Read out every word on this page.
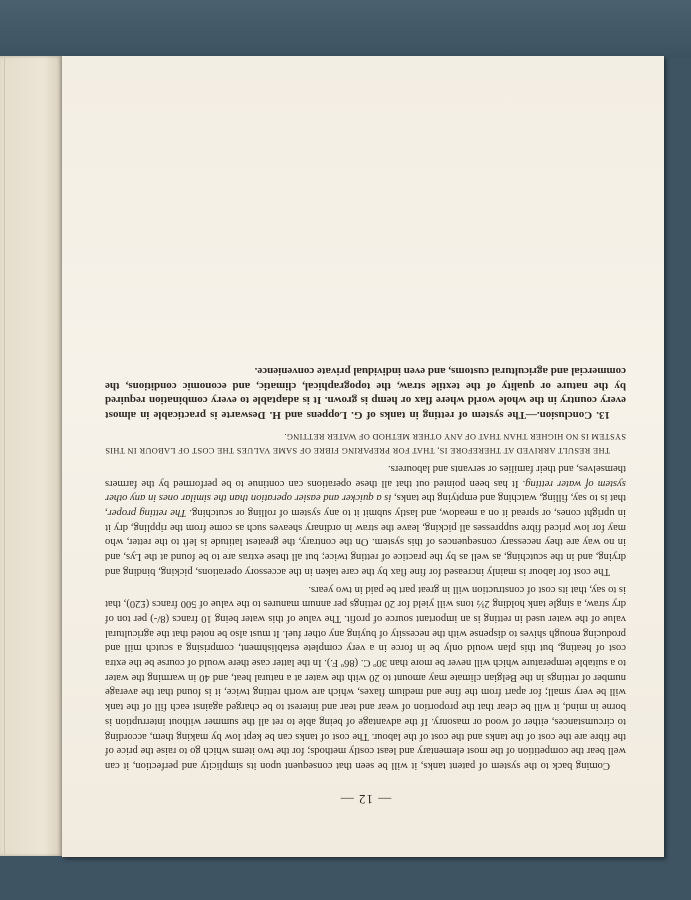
— 12 —

Coming back to the system of patent tanks, it will be seen that consequent upon its simplicity and perfection, it can well bear the competition of the most elementary and least costly methods; for the two items which go to raise the price of the fibre are the cost of the tanks and the cost of the labour. The cost of tanks can be kept low by making them, according to circumstances, either of wood or masonry. If the advantage of being able to ret all the summer without interruption is borne in mind, it will be clear that the proportion of wear and tear and interest to be charged against each fill of the tank will be very small; for apart from the fine and medium flaxes, which are worth retting twice, it is found that the average number of rettings in the Belgian climate may amount to 20 with the water at a natural heat, and 40 in warming the water to a suitable temperature which will never be more than 30º C. (86º F.). In the latter case there would of course be the extra cost of heating, but this plan would only be in force in a very complete establishment, comprising a scutch mill and producing enough shives to dispense with the necessity of buying any other fuel. It must also be noted that the agricultural value of the water used in retting is an important source of profit. The value of this water being 10 francs (8/-) per ton of dry straw, a single tank holding 2½ tons will yield for 20 rettings per annum manures to the value of 500 francs (£20), that is to say, that its cost of construction will in great part be paid in two years.

The cost for labour is mainly increased for fine flax by the care taken in the accessory operations, picking, binding and drying, and in the scutching, as well as by the practice of retting twice; but all these extras are to be found at the Lys, and in no way are they necessary consequences of this system. On the contrary, the greatest latitude is left to the retter, who may for low priced fibre suppresses all picking, leave the straw in ordinary sheaves such as come from the rippling, dry it in upright cones, or spread it on a meadow, and lastly submit it to any system of rolling or scutching. The retting proper, that is to say, filling, watching and emptying the tanks, is a quicker and easier operation than the similar ones in any other system of water retting. It has been pointed out that all these operations can continue to be performed by the farmers themselves, and their families or servants and labourers.

THE RESULT ARRIVED AT THEREFORE IS, THAT FOR PREPARING FIBRE OF SAME VALUES THE COST OF LABOUR IN THIS SYSTEM IS NO HIGHER THAN THAT OF ANY OTHER METHOD OF WATER RETTING.

13. Conclusion.—The system of retting in tanks of G. Loppens and H. Deswarte is practicable in almost every country in the whole world where flax or hemp is grown. It is adaptable to every combination required by the nature or quality of the textile straw, the topographical, climatic, and economic conditions, the commercial and agricultural customs, and even individual private convenience.
